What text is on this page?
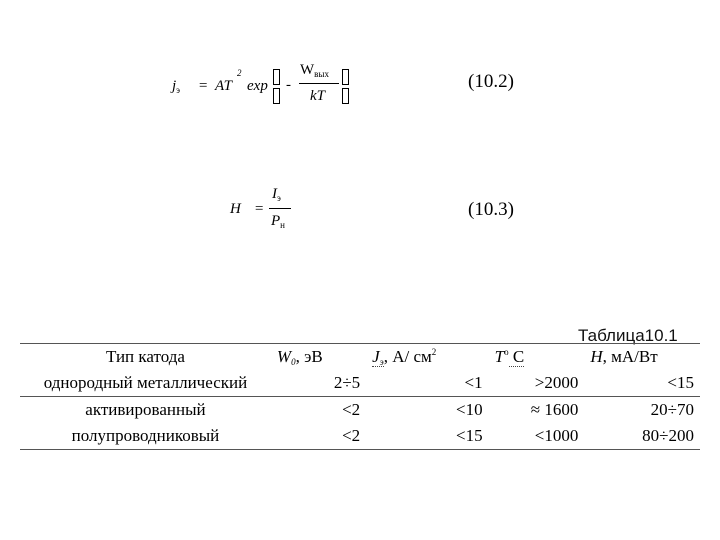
$j_э$ = AT
2
exp -
$W_{вых}$
kT
(10.2)
H =
$I_э$
$P_н$
(10.3)
Таблица10.1
Тип катода	W0, эВ	Jэ, А/ $см^2$	$T^o$ С	H, мА/Вт
однородный металлический	2÷5	<1	>2000	<15
активированный	<2	<10	≈ 1600	20÷70
полупроводниковый	<2	<15	<1000	80÷200
